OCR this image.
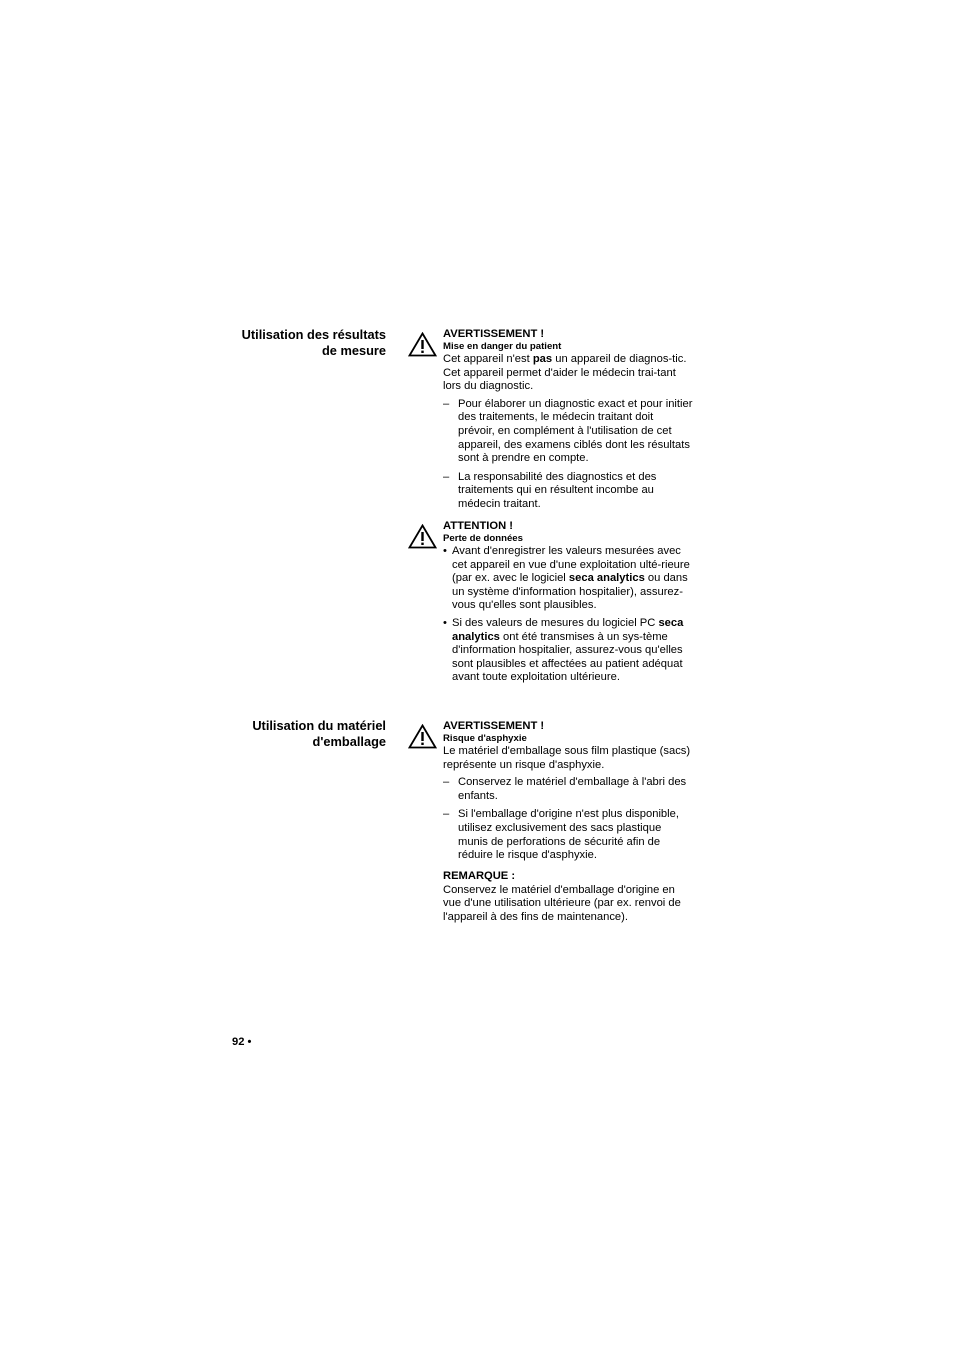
Utilisation des résultats
de mesure
AVERTISSEMENT !
Mise en danger du patient

Cet appareil n'est pas un appareil de diagnos-tic. Cet appareil permet d'aider le médecin trai-tant lors du diagnostic.

– Pour élaborer un diagnostic exact et pour initier des traitements, le médecin traitant doit prévoir, en complément à l'utilisation de cet appareil, des examens ciblés dont les résultats sont à prendre en compte.
– La responsabilité des diagnostics et des traitements qui en résultent incombe au médecin traitant.
ATTENTION !
Perte de données
• Avant d'enregistrer les valeurs mesurées avec cet appareil en vue d'une exploitation ulté-rieure (par ex. avec le logiciel seca analytics ou dans un système d'information hospitalier), assurez-vous qu'elles sont plausibles.
• Si des valeurs de mesures du logiciel PC seca analytics ont été transmises à un sys-tème d'information hospitalier, assurez-vous qu'elles sont plausibles et affectées au patient adéquat avant toute exploitation ultérieure.
Utilisation du matériel
d'emballage
AVERTISSEMENT !
Risque d'asphyxie

Le matériel d'emballage sous film plastique (sacs) représente un risque d'asphyxie.

– Conservez le matériel d'emballage à l'abri des enfants.
– Si l'emballage d'origine n'est plus disponible, utilisez exclusivement des sacs plastique munis de perforations de sécurité afin de réduire le risque d'asphyxie.
REMARQUE :

Conservez le matériel d'emballage d'origine en vue d'une utilisation ultérieure (par ex. renvoi de l'appareil à des fins de maintenance).

92 •
